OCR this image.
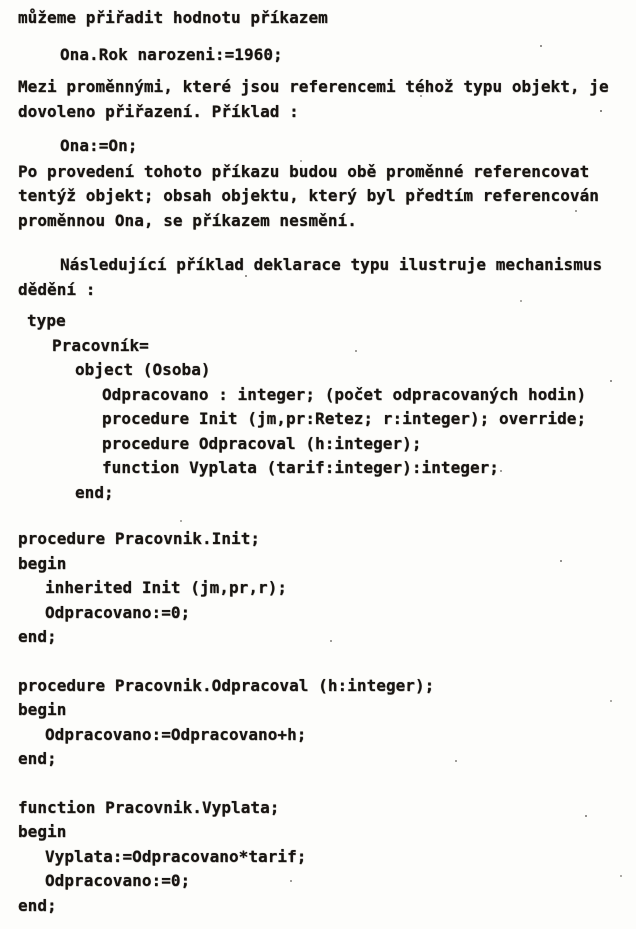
můžeme přiřadit hodnotu příkazem
Ona.Rok narozeni:=1960;
Mezi proměnnými, které jsou referencemi téhož typu objekt, je
dovoleno přiřazení. Příklad :
Ona:=On;
Po provedení tohoto příkazu budou obě proměnné referencovat
tentýž objekt; obsah objektu, který byl předtím referencován
proměnnou Ona, se příkazem nesmění.
Následující příklad deklarace typu ilustruje mechanismus
dědění :
type
Pracovník=
object (Osoba)
Odpracovano : integer; (počet odpracovaných hodin)
procedure Init (jm,pr:Retez; r:integer); override;
procedure Odpracoval (h:integer);
function Vyplata (tarif:integer):integer;
end;
procedure Pracovnik.Init;
begin
inherited Init (jm,pr,r);
Odpracovano:=0;
end;
procedure Pracovnik.Odpracoval (h:integer);
begin
Odpracovano:=Odpracovano+h;
end;
function Pracovnik.Vyplata;
begin
Vyplata:=Odpracovano*tarif;
Odpracovano:=0;
end;
